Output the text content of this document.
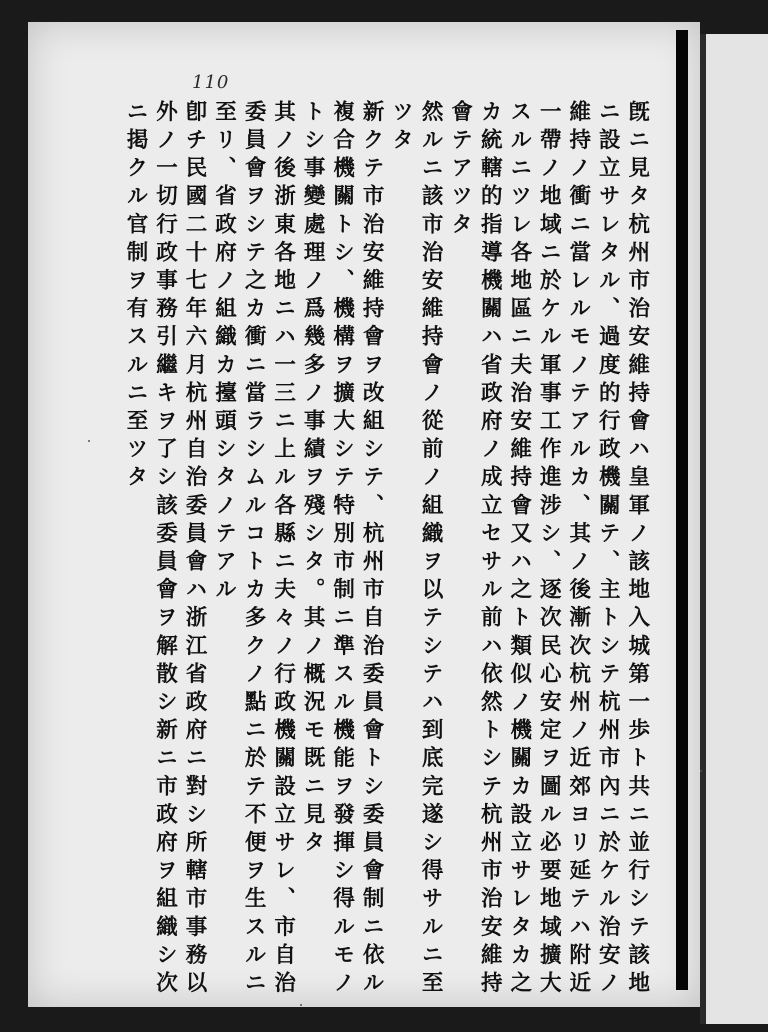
110
旣ニ見タ杭州市治安維持會ハ皇軍ノ該地入城第一歩ト共ニ並行シテ該地
ニ設立サレタル、過度的行政機關テ、主トシテ杭州市內ニ於ケル治安ノ
維持ノ衝ニ當レルモノテアルカ、其ノ後漸次杭州ノ近郊ヨリ延テハ附近
一帶ノ地域ニ於ケル軍事工作進涉シ、逐次民心安定ヲ圖ル必要地域擴大
スルニツレ各地區ニ夫治安維持會又ハ之ト類似ノ機關カ設立サレタカ之
カ統轄的指導機關ハ省政府ノ成立セサル前ハ依然トシテ杭州市治安維持
會テアツタ
然ルニ該市治安維持會ノ從前ノ組織ヲ以テシテハ到底完遂シ得サルニ至
ツタ
新クテ市治安維持會ヲ改組シテ、杭州市自治委員會トシ委員會制ニ依ル
複合機關トシ、機構ヲ擴大シテ特別市制ニ準スル機能ヲ發揮シ得ルモノ
トシ事變處理ノ爲幾多ノ事績ヲ殘シタ。其ノ概況モ既ニ見タ
其ノ後浙東各地ニハ一三ニ上ル各縣ニ夫々ノ行政機關設立サレ、市自治
委員會ヲシテ之カ衝ニ當ラシムルコトカ多クノ點ニ於テ不便ヲ生スルニ
至リ、省政府ノ組織カ擡頭シタノテアル
卽チ民國二十七年六月杭州自治委員會ハ浙江省政府ニ對シ所轄市事務以
外ノ一切行政事務引繼キヲ了シ該委員會ヲ解散シ新ニ市政府ヲ組織シ次
ニ掲クル官制ヲ有スルニ至ツタ
